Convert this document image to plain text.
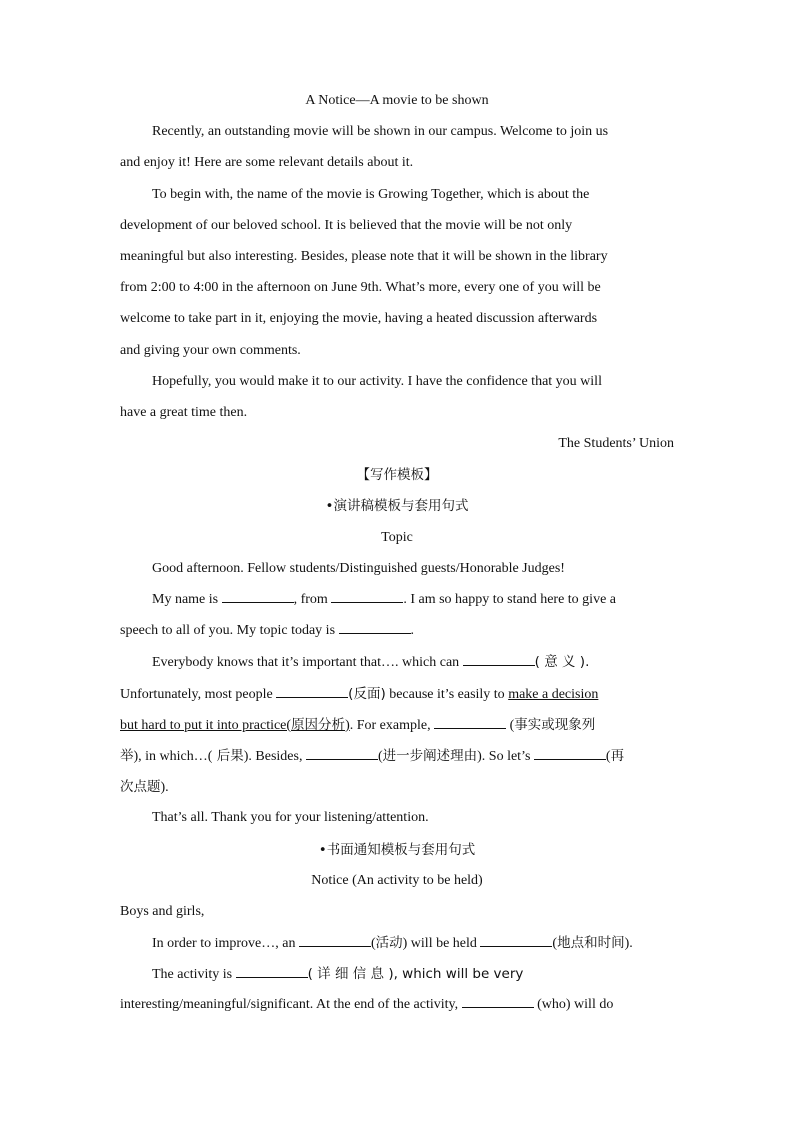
A Notice—A movie to be shown

Recently, an outstanding movie will be shown in our campus. Welcome to join us

and enjoy it! Here are some relevant details about it.

To begin with, the name of the movie is Growing Together, which is about the

development of our beloved school. It is believed that the movie will be not only

meaningful but also interesting. Besides, please note that it will be shown in the library

from 2:00 to 4:00 in the afternoon on June 9th. What’s more, every one of you will be

welcome to take part in it, enjoying the movie, having a heated discussion afterwards

and giving your own comments.

Hopefully, you would make it to our activity. I have the confidence that you will

have a great time then.

The Students’ Union

【写作模板】

•演讲稿模板与套用句式

Topic

Good afternoon. Fellow students/Distinguished guests/Honorable Judges!

My name is	, from	. I am so happy to stand here to give a

speech to all of you. My topic today is	.

Everybody knows that it’s important that…. which can	( 意 义 ).

Unfortunately, most people	(反面) because it’s easily to make a decision

but hard to put it into practice(原因分析). For example,	(事实或现象列

举), in which…( 后果). Besides,	(进一步阐述理由). So let’s	(再

次点题).

That’s all. Thank you for your listening/attention.

•书面通知模板与套用句式

Notice (An activity to be held)

Boys and girls,

In order to improve…, an	(活动) will be held	(地点和时间).

The activity is	( 详 细 信 息 ), which will be very

interesting/meaningful/significant. At the end of the activity,	(who) will do
